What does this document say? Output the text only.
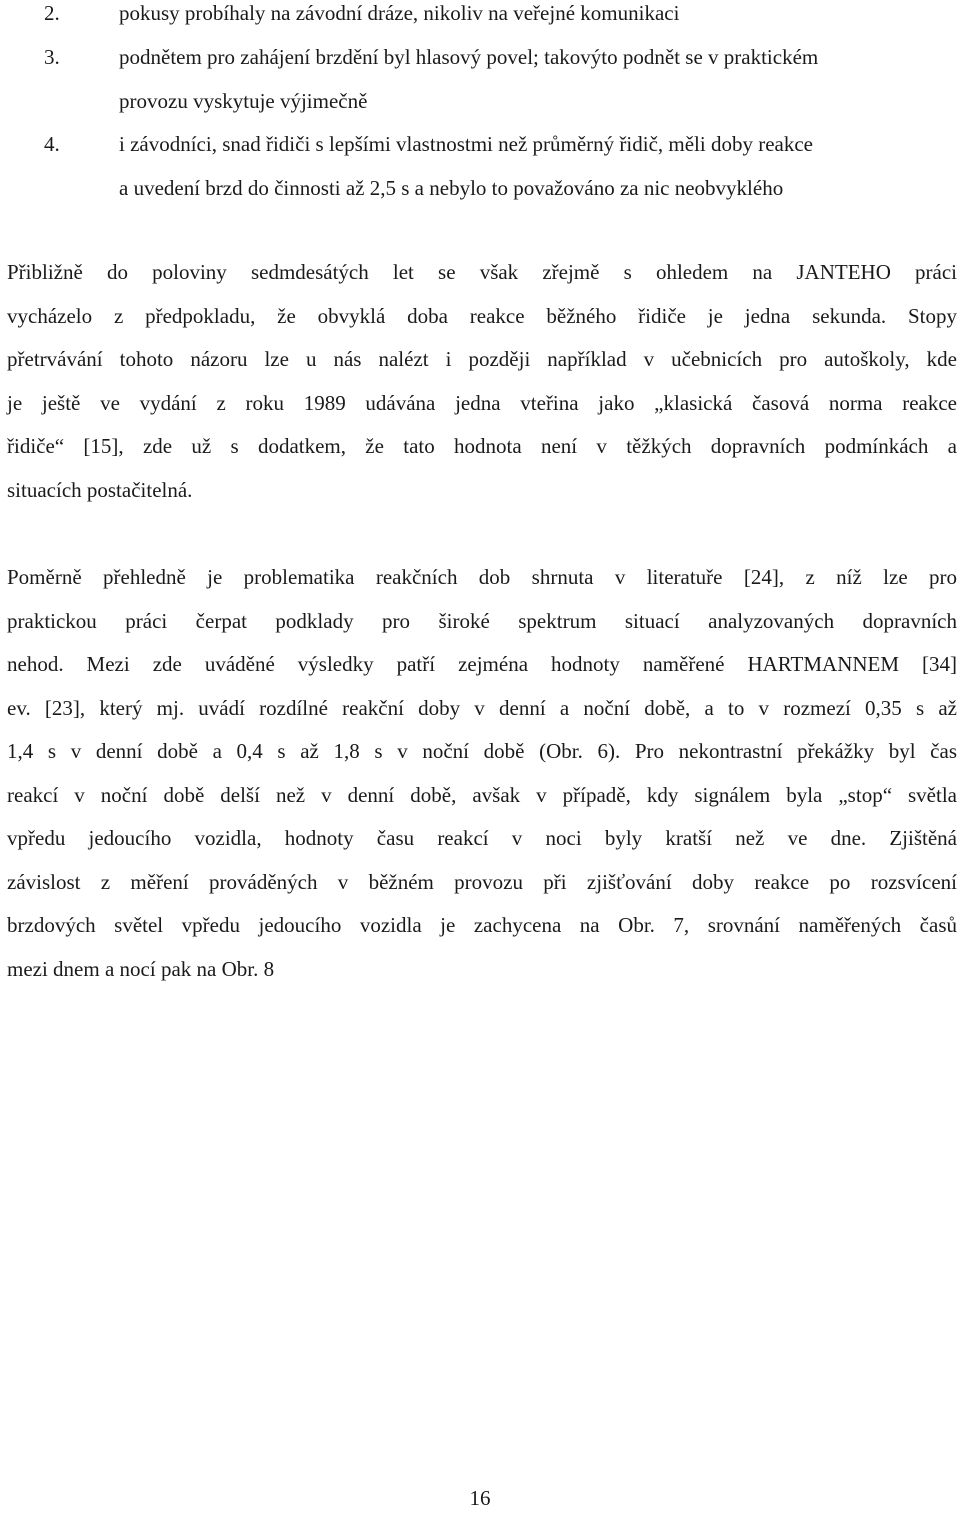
2.	pokusy probíhaly na závodní dráze, nikoliv na veřejné komunikaci
3.	podnětem pro zahájení brzdění byl hlasový povel; takovýto podnět se v praktickém
provozu vyskytuje výjimečně
4.	i závodníci, snad řidiči s lepšími vlastnostmi než průměrný řidič, měli doby reakce
a uvedení brzd do činnosti až 2,5 s a nebylo to považováno za nic neobvyklého
Přibližně do poloviny sedmdesátých let se však zřejmě s ohledem na JANTEHO práci
vycházelo z předpokladu, že obvyklá doba reakce běžného řidiče je jedna sekunda. Stopy
přetrvávání tohoto názoru lze u nás nalézt i později například v učebnicích pro autoškoly, kde
je ještě ve vydání z roku 1989 udávána jedna vteřina jako „klasická časová norma reakce
řidiče“ [15], zde už s dodatkem, že tato hodnota není v těžkých dopravních podmínkách a
situacích postačitelná.
Poměrně přehledně je problematika reakčních dob shrnuta v literatuře [24], z níž lze pro
praktickou práci čerpat podklady pro široké spektrum situací analyzovaných dopravních
nehod. Mezi zde uváděné výsledky patří zejména hodnoty naměřené HARTMANNEM [34]
ev. [23], který mj. uvádí rozdílné reakční doby v denní a noční době, a to v rozmezí 0,35 s až
1,4 s v denní době a 0,4 s až 1,8 s v noční době (Obr. 6). Pro nekontrastní překážky byl čas
reakcí v noční době delší než v denní době, avšak v případě, kdy signálem byla „stop“ světla
vpředu jedoucího vozidla, hodnoty času reakcí v noci byly kratší než ve dne. Zjištěná
závislost z měření prováděných v běžném provozu při zjišťování doby reakce po rozsvícení
brzdových světel vpředu jedoucího vozidla je zachycena na Obr. 7, srovnání naměřených časů
mezi dnem a nocí pak na Obr. 8
16
